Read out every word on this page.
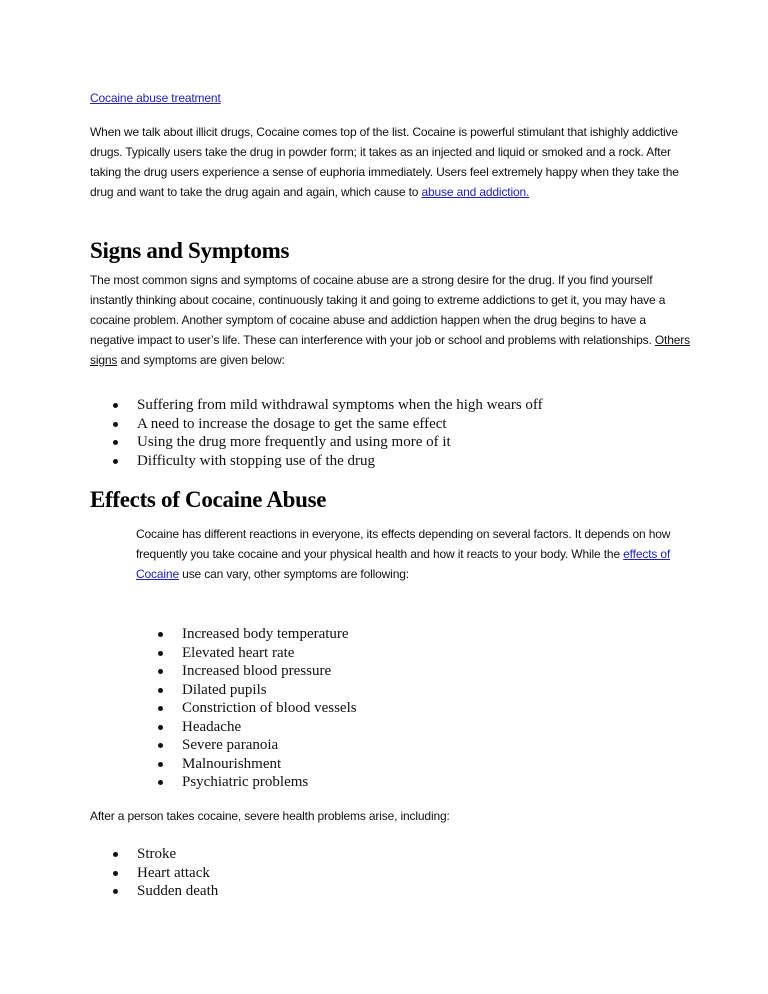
Cocaine abuse treatment

When we talk about illicit drugs, Cocaine comes top of the list. Cocaine is powerful stimulant that ishighly addictive drugs. Typically users take the drug in powder form; it takes as an injected and liquid or smoked and a rock. After taking the drug users experience a sense of euphoria immediately. Users feel extremely happy when they take the drug and want to take the drug again and again, which cause to abuse and addiction.

Signs and Symptoms

The most common signs and symptoms of cocaine abuse are a strong desire for the drug. If you find yourself instantly thinking about cocaine, continuously taking it and going to extreme addictions to get it, you may have a cocaine problem. Another symptom of cocaine abuse and addiction happen when the drug begins to have a negative impact to user’s life. These can interference with your job or school and problems with relationships. Others signs and symptoms are given below:

Suffering from mild withdrawal symptoms when the high wears off
A need to increase the dosage to get the same effect
Using the drug more frequently and using more of it
Difficulty with stopping use of the drug
Effects of Cocaine Abuse

Cocaine has different reactions in everyone, its effects depending on several factors. It depends on how frequently you take cocaine and your physical health and how it reacts to your body. While the effects of Cocaine use can vary, other symptoms are following:

Increased body temperature
Elevated heart rate
Increased blood pressure
Dilated pupils
Constriction of blood vessels
Headache
Severe paranoia
Malnourishment
Psychiatric problems

After a person takes cocaine, severe health problems arise, including:

Stroke
Heart attack
Sudden death
